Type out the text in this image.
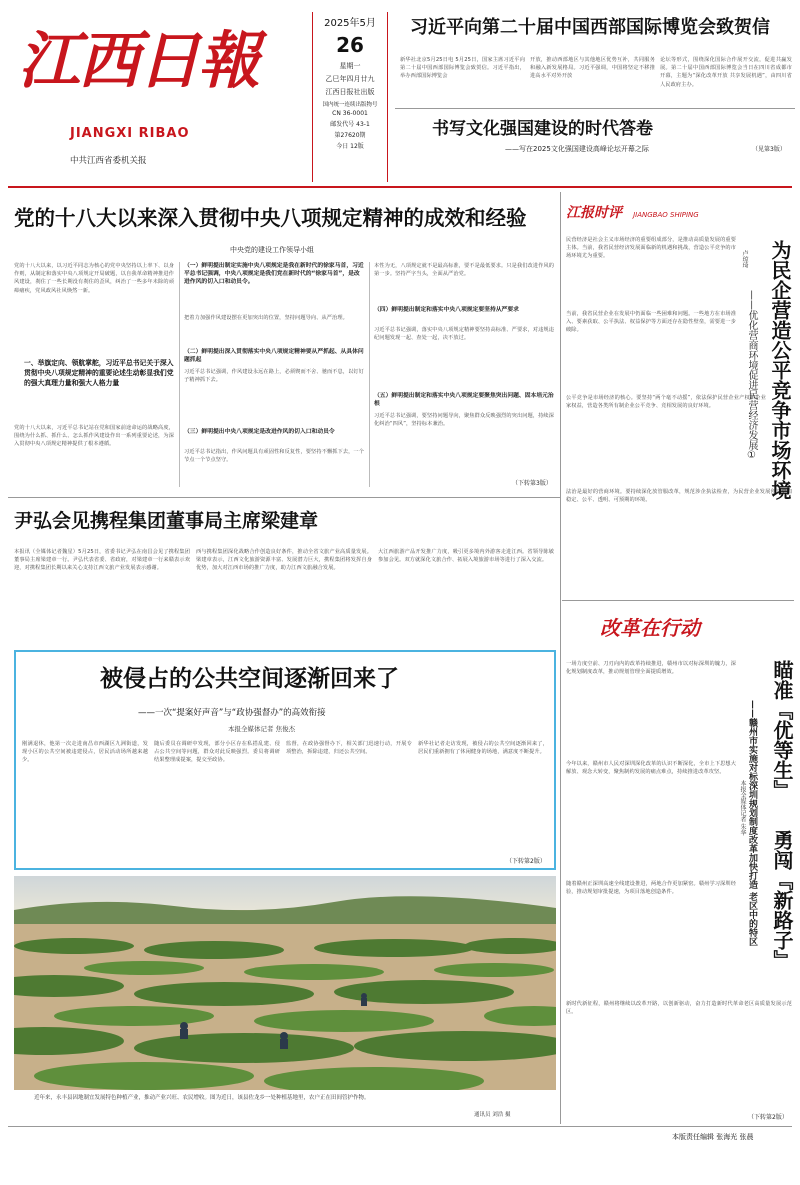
江西日報
JIANGXI RIBAO
中共江西省委机关报
2025年5月
26
星期一
乙巳年四月廿九
江西日报社出版
国内统一连续出版物号
CN 36-0001
邮发代号 43-1
第27620期
今日 12版
习近平向第二十届中国西部国际博览会致贺信
新华社北京5月25日电 5月25日，国家主席习近平向第二十届中国西部国际博览会致贺信。习近平指出，举办西部国际博览会
开放，推动西部地区与其他地区优势互补，共同服务和融入新发展格局。习近平强调，中国将坚定不移推进高水平对外开放
论坛等形式，围绕深化国际合作展开交流，促进共赢发展。第二十届中国西部国际博览会当日在四川省成都市开幕，主题为“深化改革开放 共享发展机遇”，由四川省人民政府主办。
书写文化强国建设的时代答卷
——写在2025文化强国建设高峰论坛开幕之际	（见第3版）
党的十八大以来深入贯彻中央八项规定精神的成效和经验
中央党的建设工作领导小组
党的十八大以来，以习近平同志为核心的党中央坚持以上率下、以身作则，从制定和落实中央八项规定开局破题，以自我革命精神推进作风建设，刹住了一些长期没有刹住的歪风，纠治了一些多年未除的顽瘴痼疾，党风政风社风焕然一新。
一、举旗定向、领航掌舵，习近平总书记关于深入贯彻中央八项规定精神的重要论述生动彰显我们党的强大真理力量和强大人格力量
党的十八大以来，习近平总书记站在党和国家前途命运的战略高度，围绕为什么抓、抓什么、怎么抓作风建设作出一系列重要论述，为深入贯彻中央八项规定精神提供了根本遵循。
（一）鲜明提出制定实施中央八项规定是我在新时代的徐家马首，习近平总书记强调，中央八项规定是我们党在新时代的“徐家马首”，是改进作风的切入口和动员令。
把着力加强作风建设摆在更加突出的位置，坚持问题导向、从严治理。
（二）鲜明提出深入贯彻落实中央八项规定精神要从严抓起、从具体问题抓起
习近平总书记强调，作风建设永远在路上，必须锲而不舍、驰而不息，以钉钉子精神抓下去。
（三）鲜明提出中央八项规定是改进作风的切入口和动员令
习近平总书记指出，作风问题具有顽固性和反复性，要坚持不懈抓下去，一个节点一个节点坚守。
本性为无，八项规定就不是最高标准，要不是最低要求。只是我们改进作风的第一步。坚持严字当头，全面从严治党。
（四）鲜明提出制定和落实中央八项规定要坚持从严要求
习近平总书记强调，落实中央八项规定精神要坚持高标准、严要求，对违规违纪问题发现一起、查处一起，决不放过。
（五）鲜明提出制定和落实中央八项规定要聚焦突出问题、固本培元治根
习近平总书记强调，要坚持问题导向，聚焦群众反映强烈的突出问题，持续深化纠治“四风”，坚持标本兼治。
（下转第3版）
尹弘会见携程集团董事局主席梁建章
本报讯（全媒体记者魏星）5月25日，省委书记尹弘在南昌会见了携程集团董事局主席梁建章一行。尹弘代表省委、省政府，对梁建章一行来赣表示欢迎，对携程集团长期以来关心支持江西文旅产业发展表示感谢。
西与携程集团深化战略合作创造良好条件，推动全省文旅产业高质量发展。梁建章表示，江西文化旅游资源丰富、发展潜力巨大，携程集团将发挥自身优势，加大对江西市场的推广力度，助力江西文旅融合发展。
大江西旅游产品开发推广力度，吸引更多境内外游客走进江西。省领导陈敏参加会见。双方就深化文旅合作、拓展入境旅游市场等进行了深入交流。
被侵占的公共空间逐渐回来了
——一次“提案好声音”与“政协强督办”的高效衔接
本报全媒体记者 焦俊杰
刚满退休，他第一次走进南昌市西湖区九洲街道，发现小区的公共空间被违建侵占，居民活动场所越来越少。
随后委员在调研中发现，部分小区存在私搭乱建、侵占公共空间等问题，群众对此反映强烈。委员将调研结果整理成提案，提交至政协。
监督，在政协强督办下，相关部门迅速行动，开展专项整治，拆除违建，归还公共空间。
新华社记者走访发现，被侵占的公共空间逐渐回来了，居民们重新拥有了休闲健身的场地，满意度不断提升。
（下转第2版）
近年来，永丰县因地制宜发展特色种植产业，推动产业兴旺、农民增收。图为近日，该县佐龙乡一处种植基地里，农户正在田间管护作物。
通讯员 刘浩 摄
江报时评 JIANGBAO SHIPING
民营经济是社会主义市场经济的重要组成部分，是推动高质量发展的重要主体。当前，我省民营经济发展面临新的机遇和挑战，营造公平竞争的市场环境尤为重要。
当前，我省民营企业在发展中仍面临一些困难和问题。一些地方在市场准入、要素获取、公平执法、权益保护等方面还存在隐性壁垒，需要进一步破除。
公平竞争是市场经济的核心。要坚持“两个毫不动摇”，依法保护民营企业产权和企业家权益，营造各类所有制企业公平竞争、竞相发展的良好环境。
法治是最好的营商环境。要持续深化放管服改革，规范涉企执法检查，为民营企业发展创造更加稳定、公平、透明、可预期的环境。
为民企营造公平竞争市场环境
——优化营商环境促进民营经济发展①
卢琼琦
改革在行动
一场力度空前、刀刃向内的改革持续推进，赣州市以对标深圳的魄力，深化规划制度改革，推动规划管理全面提质增效。
今年以来，赣州市人民对深圳深化改革的认识不断深化，全市上下思想大解放、观念大转变，聚焦制约发展的痛点难点，持续推进改革攻坚。
随着赣州正深圳高速全线建设推进，两地合作更加紧密。赣州学习深圳经验，推动规划审批提速，为项目落地创造条件。
新时代新征程，赣州将继续以改革开路，以创新驱动，奋力打造新时代革命老区高质量发展示范区。
（下转第2版）
瞄准『优等生』
勇闯『新路子』
——赣州市实施对标深圳规划制度改革加快打造 老区中的特区
本报全媒体记者 朱华
本版责任编辑 张海光 张晨
